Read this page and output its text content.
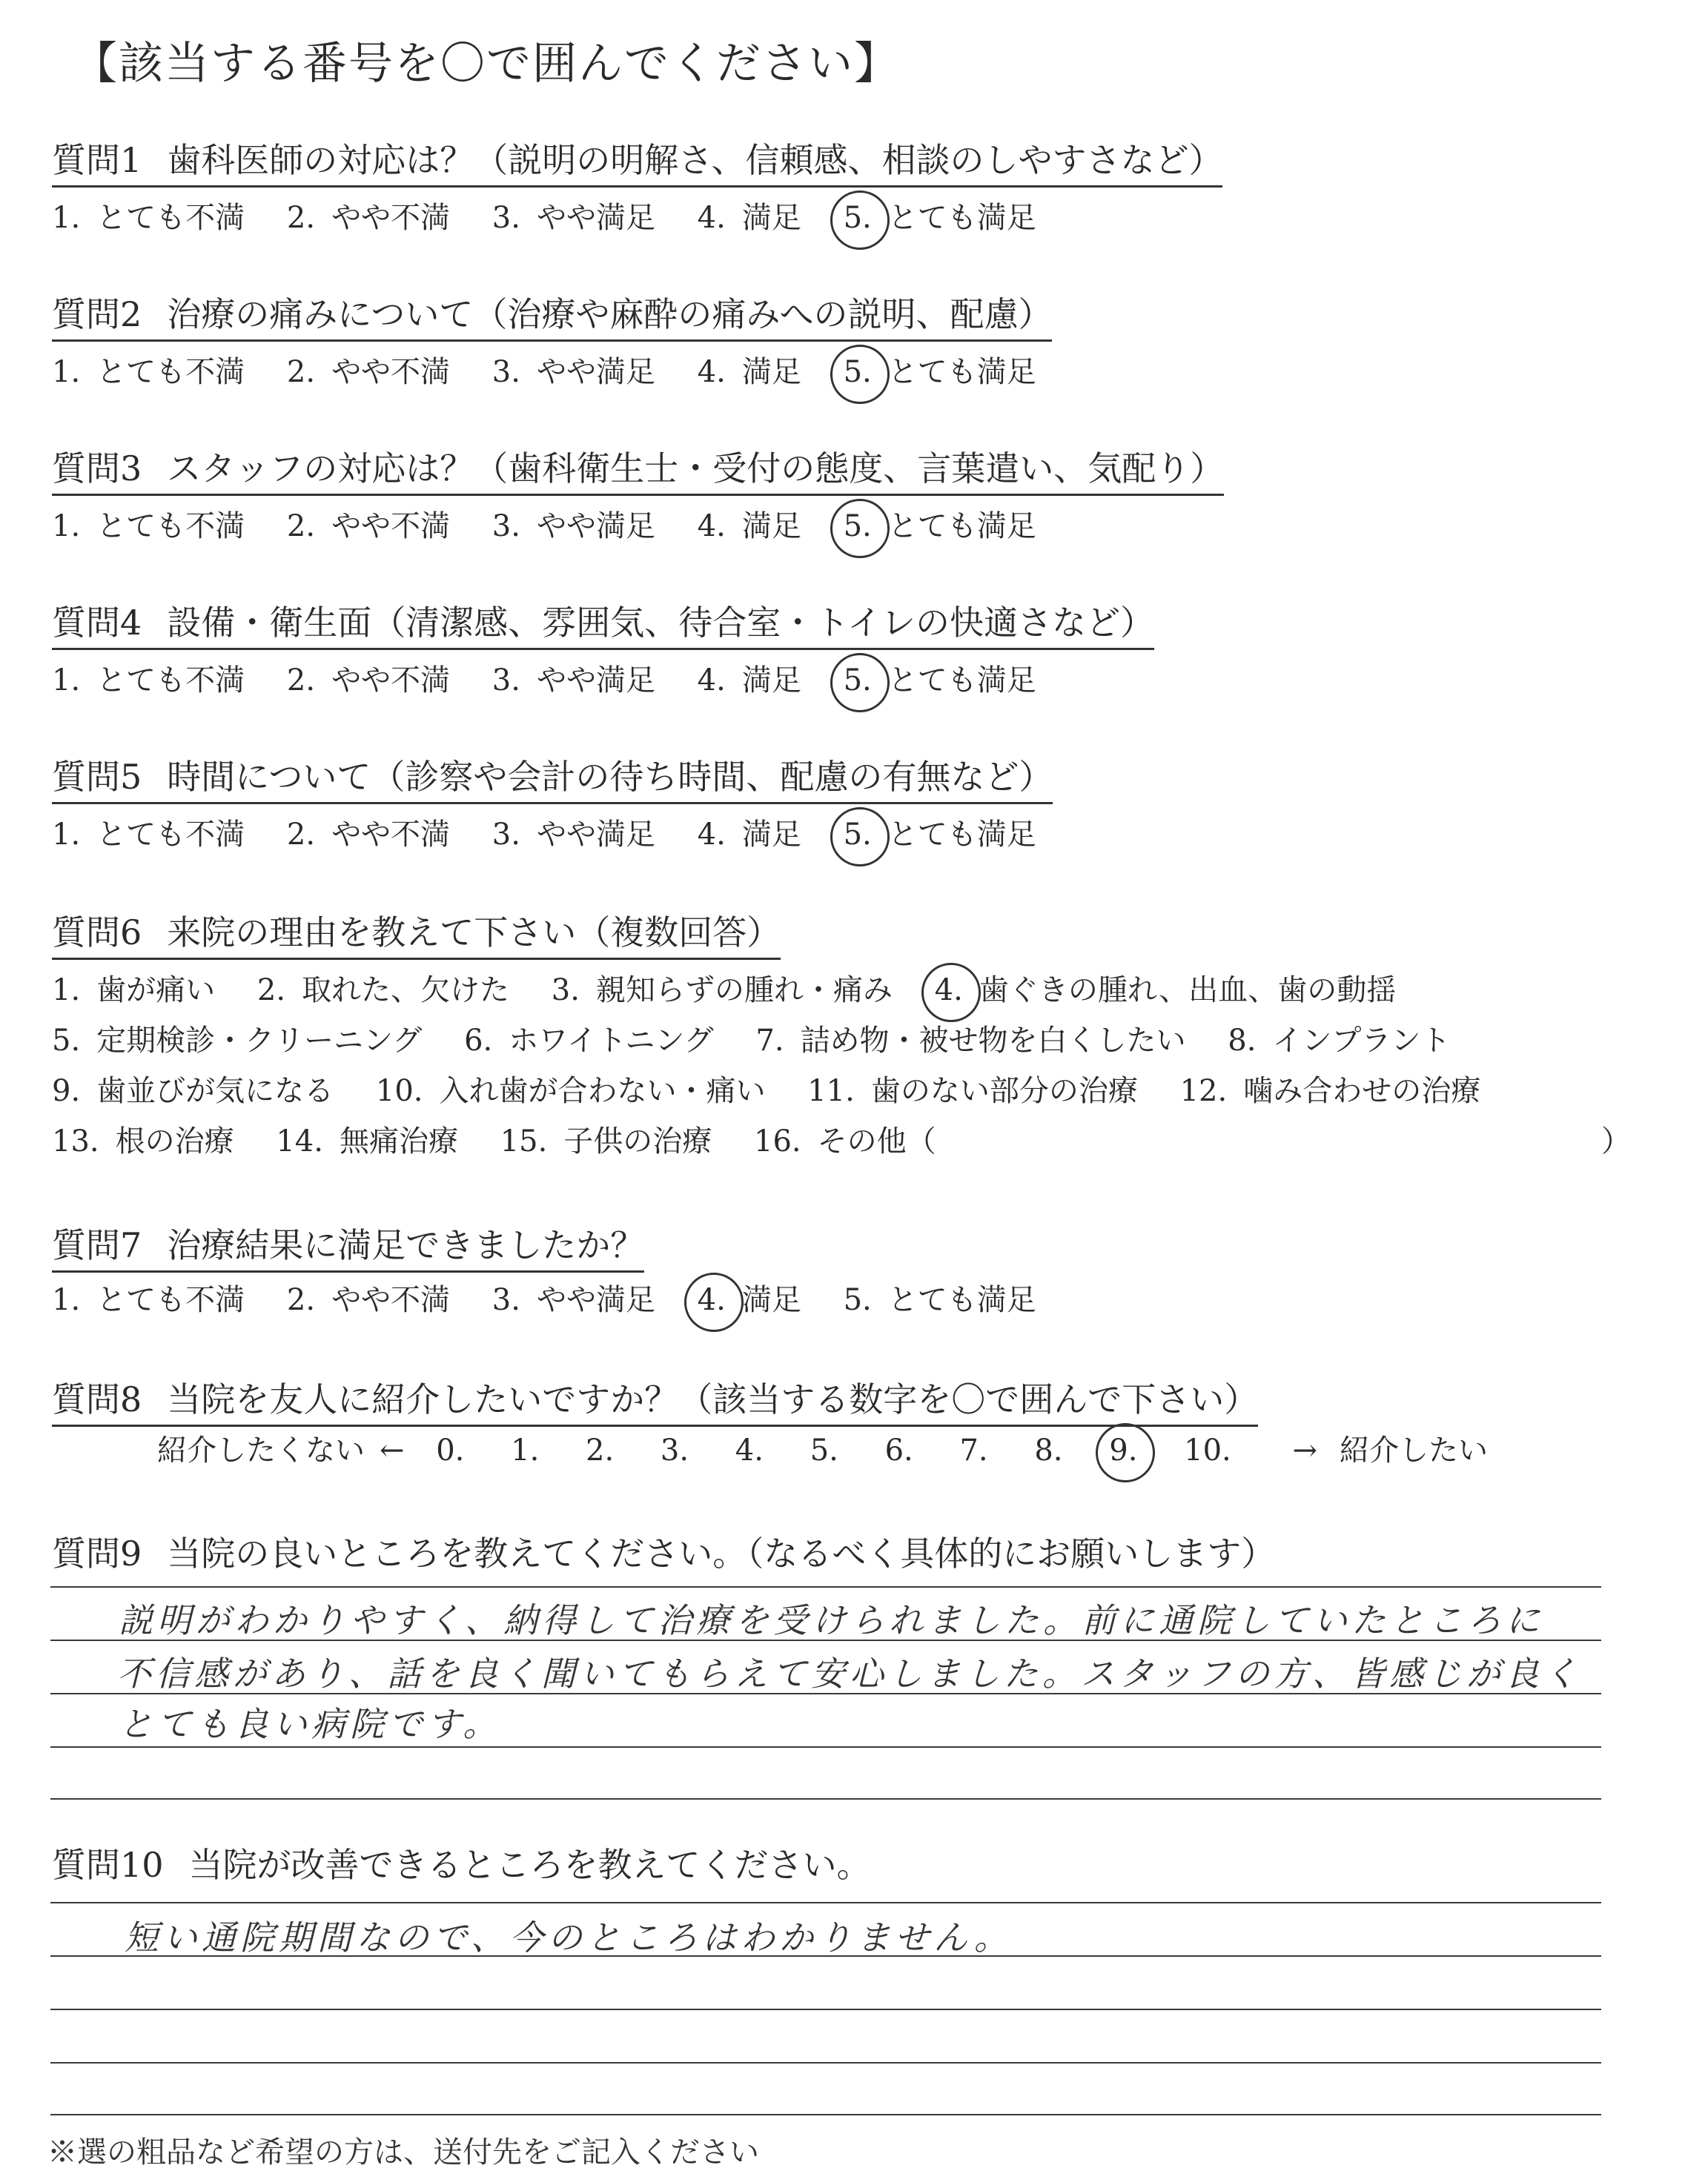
【該当する番号を〇で囲んでください】
質問1 歯科医師の対応は？（説明の明解さ、信頼感、相談のしやすさなど）
1. とても不満 2. やや不満 3. やや満足 4. 満足 5. とても満足
質問2 治療の痛みについて（治療や麻酔の痛みへの説明、配慮）
1. とても不満 2. やや不満 3. やや満足 4. 満足 5. とても満足
質問3 スタッフの対応は？（歯科衛生士・受付の態度、言葉遣い、気配り）
1. とても不満 2. やや不満 3. やや満足 4. 満足 5. とても満足
質問4 設備・衛生面（清潔感、雰囲気、待合室・トイレの快適さなど）
1. とても不満 2. やや不満 3. やや満足 4. 満足 5. とても満足
質問5 時間について（診察や会計の待ち時間、配慮の有無など）
1. とても不満 2. やや不満 3. やや満足 4. 満足 5. とても満足
質問6 来院の理由を教えて下さい（複数回答）
1. 歯が痛い 2. 取れた、欠けた 3. 親知らずの腫れ・痛み 4. 歯ぐきの腫れ、出血、歯の動揺
5. 定期検診・クリーニング 6. ホワイトニング 7. 詰め物・被せ物を白くしたい 8. インプラント
9. 歯並びが気になる 10. 入れ歯が合わない・痛い 11. 歯のない部分の治療 12. 噛み合わせの治療
13. 根の治療 14. 無痛治療 15. 子供の治療 16. その他（	）
質問7 治療結果に満足できましたか？
1. とても不満 2. やや不満 3. やや満足 4. 満足 5. とても満足
質問8 当院を友人に紹介したいですか？（該当する数字を〇で囲んで下さい）
紹介したくない ← 0. 1. 2. 3. 4. 5. 6. 7. 8. 9. 10. → 紹介したい
質問9 当院の良いところを教えてください。（なるべく具体的にお願いします）
説明がわかりやすく、納得して治療を受けられました。前に通院していたところに
不信感があり、話を良く聞いてもらえて安心しました。スタッフの方、皆感じが良く
とても良い病院です。
質問10 当院が改善できるところを教えてください。
短い通院期間なので、今のところはわかりません。
※選の粗品など希望の方は、送付先をご記入ください
